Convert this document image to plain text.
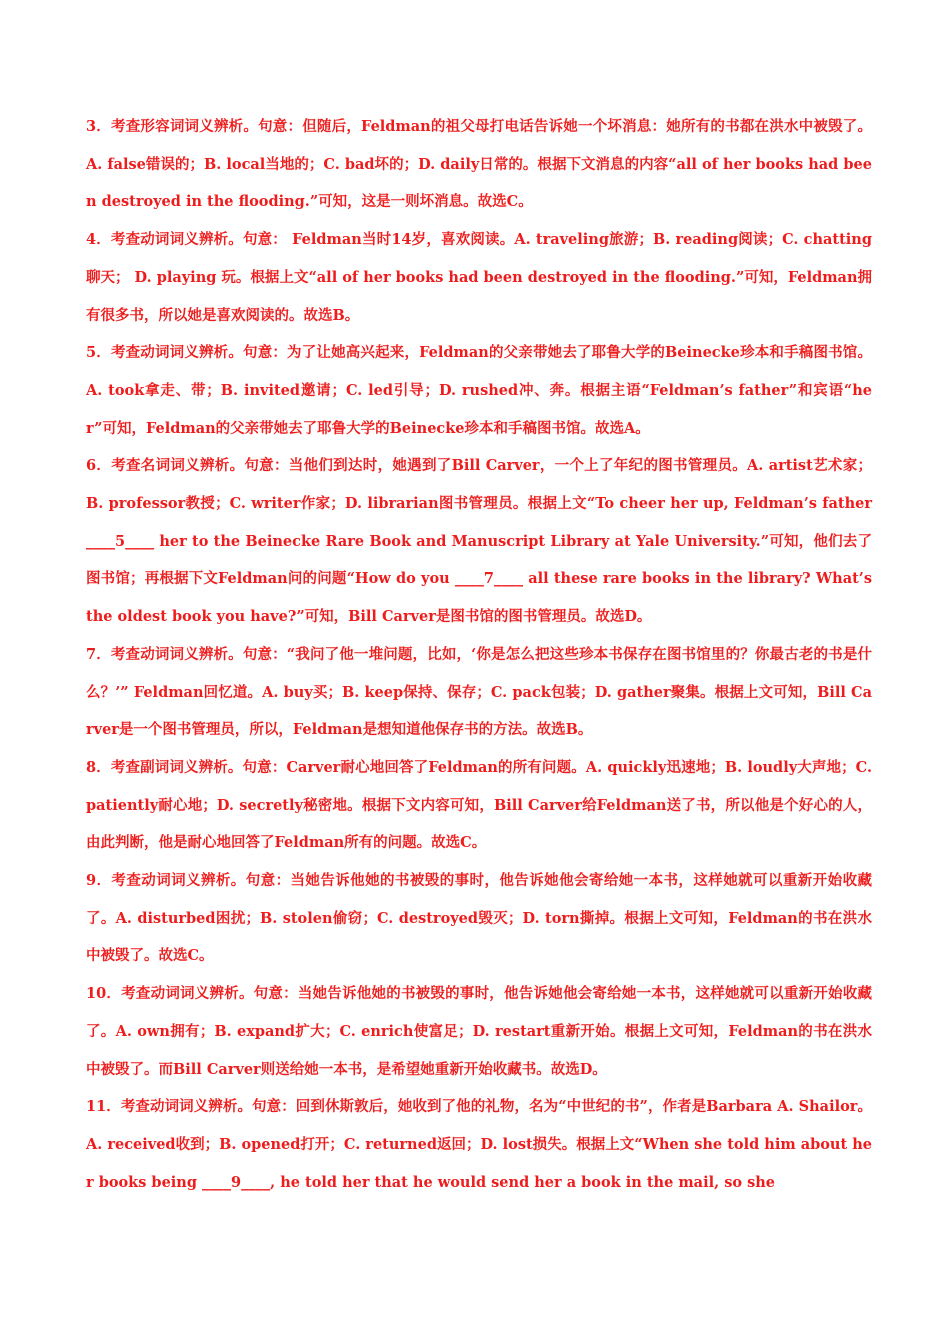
3．考查形容词词义辨析。句意：但随后，Feldman的祖父母打电话告诉她一个坏消息：她所有的书都在洪水中被毁了。A. false错误的；B. local当地的；C. bad坏的；D. daily日常的。根据下文消息的内容“all of her books had been destroyed in the flooding.”可知，这是一则坏消息。故选C。

4．考查动词词义辨析。句意： Feldman当时14岁，喜欢阅读。A. traveling旅游；B. reading阅读；C. chatting 聊天； D. playing 玩。根据上文“all of her books had been destroyed in the flooding.”可知，Feldman拥有很多书，所以她是喜欢阅读的。故选B。

5．考查动词词义辨析。句意：为了让她高兴起来，Feldman的父亲带她去了耶鲁大学的Beinecke珍本和手稿图书馆。A. took拿走、带；B. invited邀请；C. led引导；D. rushed冲、奔。根据主语“Feldman’s father”和宾语“her”可知，Feldman的父亲带她去了耶鲁大学的Beinecke珍本和手稿图书馆。故选A。

6．考查名词词义辨析。句意：当他们到达时，她遇到了Bill Carver，一个上了年纪的图书管理员。A. artist艺术家；B. professor教授；C. writer作家；D. librarian图书管理员。根据上文“To cheer her up, Feldman’s father ____5____ her to the Beinecke Rare Book and Manuscript Library at Yale University.”可知，他们去了图书馆；再根据下文Feldman问的问题“How do you ____7____ all these rare books in the library? What’s the oldest book you have?”可知，Bill Carver是图书馆的图书管理员。故选D。

7．考查动词词义辨析。句意：“我问了他一堆问题，比如，‘你是怎么把这些珍本书保存在图书馆里的？你最古老的书是什么？’” Feldman回忆道。A. buy买；B. keep保持、保存；C. pack包装；D. gather聚集。根据上文可知，Bill Carver是一个图书管理员，所以，Feldman是想知道他保存书的方法。故选B。

8．考查副词词义辨析。句意：Carver耐心地回答了Feldman的所有问题。A. quickly迅速地；B. loudly大声地；C. patiently耐心地；D. secretly秘密地。根据下文内容可知，Bill Carver给Feldman送了书，所以他是个好心的人，由此判断，他是耐心地回答了Feldman所有的问题。故选C。

9．考查动词词义辨析。句意：当她告诉他她的书被毁的事时，他告诉她他会寄给她一本书，这样她就可以重新开始收藏了。A. disturbed困扰；B. stolen偷窃；C. destroyed毁灭；D. torn撕掉。根据上文可知，Feldman的书在洪水中被毁了。故选C。

10．考查动词词义辨析。句意：当她告诉他她的书被毁的事时，他告诉她他会寄给她一本书，这样她就可以重新开始收藏了。A. own拥有；B. expand扩大；C. enrich使富足；D. restart重新开始。根据上文可知，Feldman的书在洪水中被毁了。而Bill Carver则送给她一本书，是希望她重新开始收藏书。故选D。

11．考查动词词义辨析。句意：回到休斯敦后，她收到了他的礼物，名为“中世纪的书”，作者是Barbara A. Shailor。A. received收到；B. opened打开；C. returned返回；D. lost损失。根据上文“When she told him about her books being ____9____, he told her that he would send her a book in the mail, so she
